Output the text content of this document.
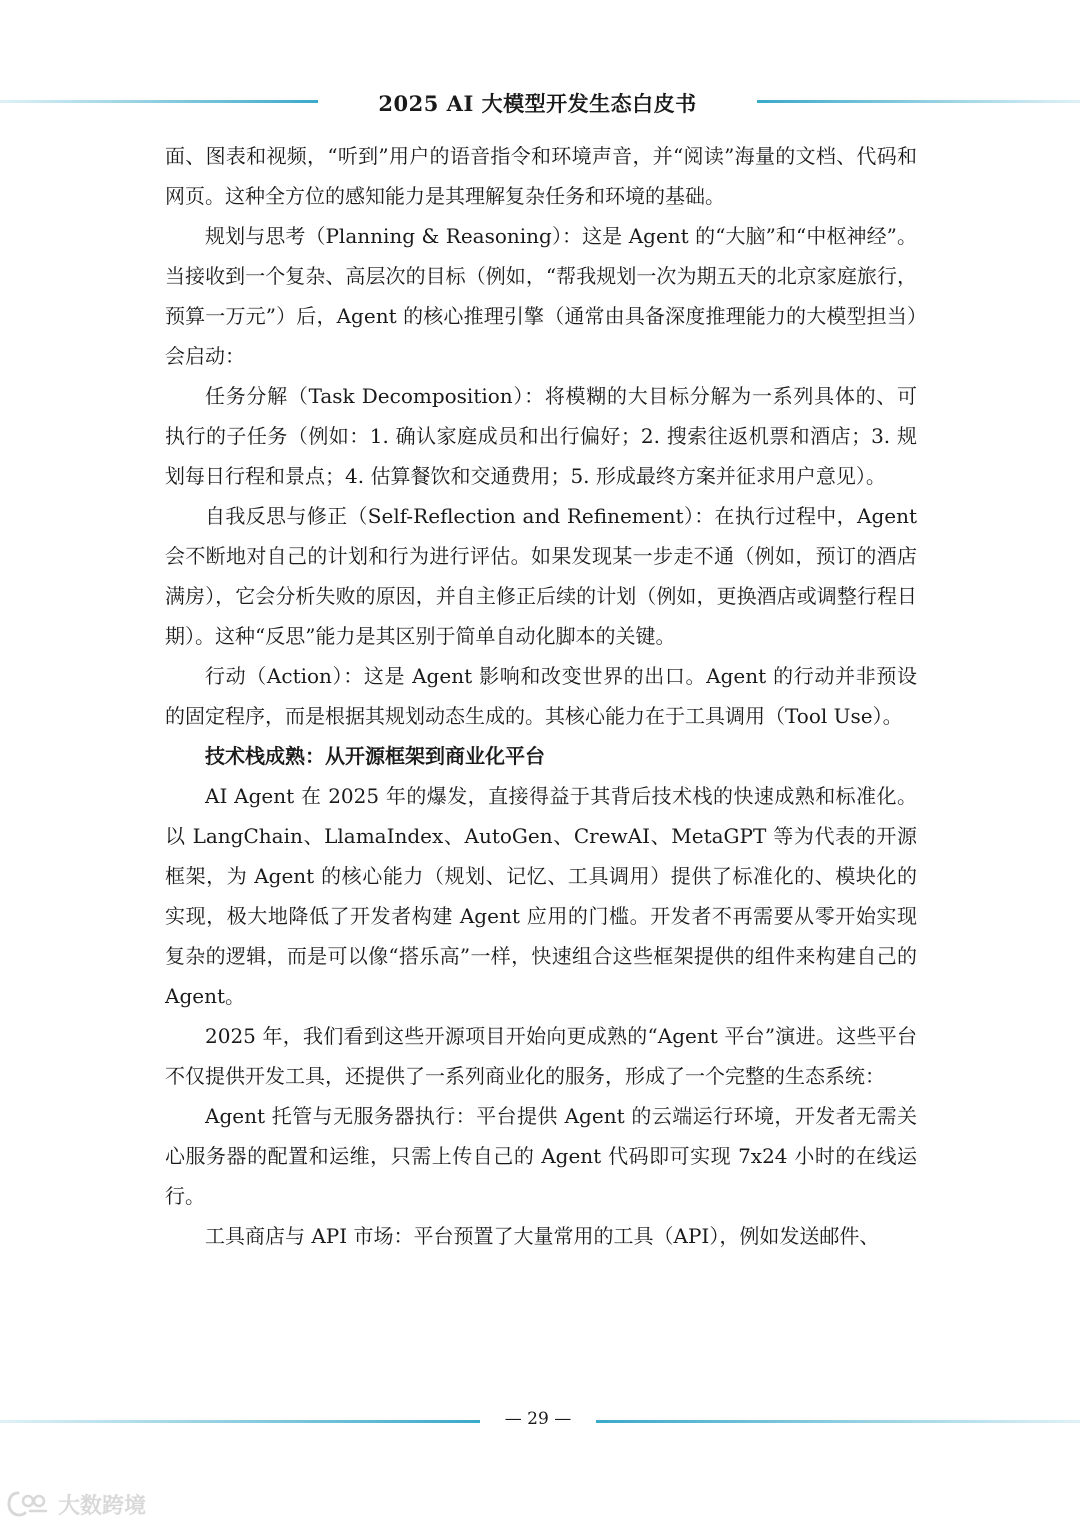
2025 AI 大模型开发生态白皮书

面、图表和视频，“听到”用户的语音指令和环境声音，并“阅读”海量的文档、代码和网页。这种全方位的感知能力是其理解复杂任务和环境的基础。

规划与思考（Planning & Reasoning）：这是 Agent 的“大脑”和“中枢神经”。当接收到一个复杂、高层次的目标（例如，“帮我规划一次为期五天的北京家庭旅行，预算一万元”）后，Agent 的核心推理引擎（通常由具备深度推理能力的大模型担当）会启动：

任务分解（Task Decomposition）：将模糊的大目标分解为一系列具体的、可执行的子任务（例如：1. 确认家庭成员和出行偏好；2. 搜索往返机票和酒店；3. 规划每日行程和景点；4. 估算餐饮和交通费用；5. 形成最终方案并征求用户意见）。

自我反思与修正（Self-Reflection and Refinement）：在执行过程中，Agent 会不断地对自己的计划和行为进行评估。如果发现某一步走不通（例如，预订的酒店满房），它会分析失败的原因，并自主修正后续的计划（例如，更换酒店或调整行程日期）。这种“反思”能力是其区别于简单自动化脚本的关键。

行动（Action）：这是 Agent 影响和改变世界的出口。Agent 的行动并非预设的固定程序，而是根据其规划动态生成的。其核心能力在于工具调用（Tool Use）。

技术栈成熟：从开源框架到商业化平台

AI Agent 在 2025 年的爆发，直接得益于其背后技术栈的快速成熟和标准化。以 LangChain、LlamaIndex、AutoGen、CrewAI、MetaGPT 等为代表的开源框架，为 Agent 的核心能力（规划、记忆、工具调用）提供了标准化的、模块化的实现，极大地降低了开发者构建 Agent 应用的门槛。开发者不再需要从零开始实现复杂的逻辑，而是可以像“搭乐高”一样，快速组合这些框架提供的组件来构建自己的 Agent。

2025 年，我们看到这些开源项目开始向更成熟的“Agent 平台”演进。这些平台不仅提供开发工具，还提供了一系列商业化的服务，形成了一个完整的生态系统：

Agent 托管与无服务器执行：平台提供 Agent 的云端运行环境，开发者无需关心服务器的配置和运维，只需上传自己的 Agent 代码即可实现 7x24 小时的在线运行。

工具商店与 API 市场：平台预置了大量常用的工具（API），例如发送邮件、

— 29 —
大数跨境
